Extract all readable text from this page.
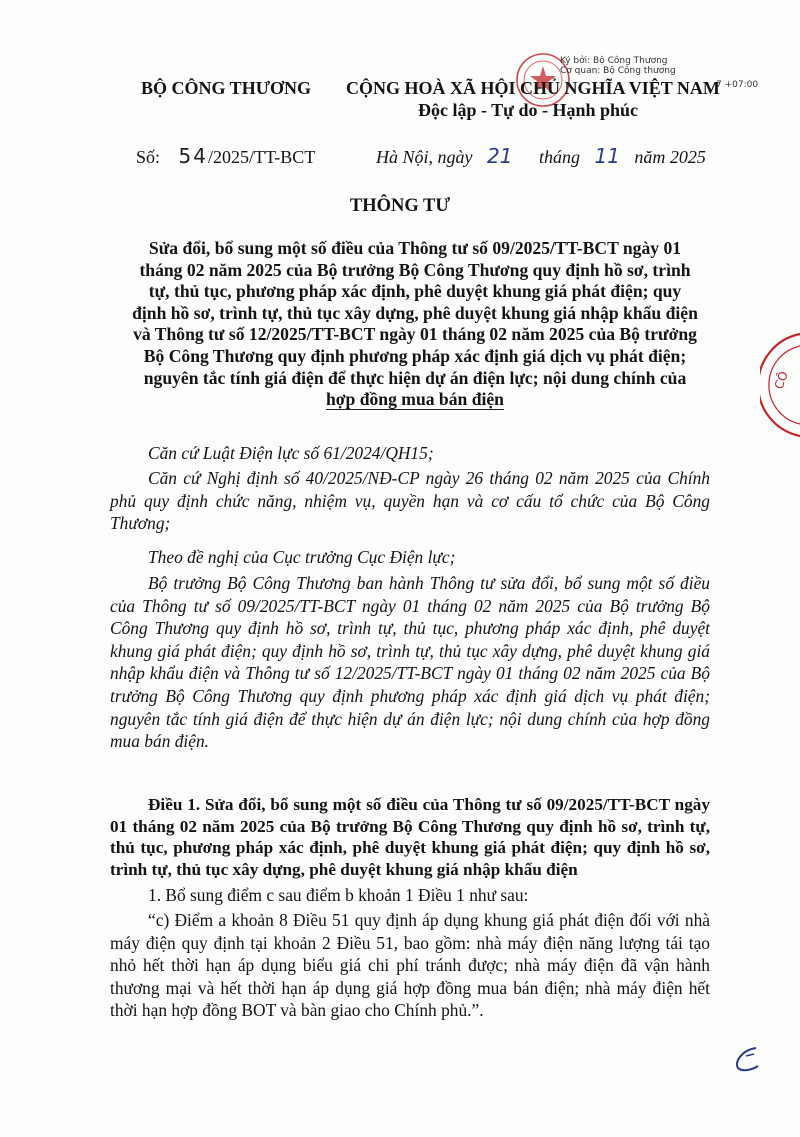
CÔ
Ký bởi: Bộ Công Thương
Cơ quan: Bộ Công thương
7 +07:00
BỘ CÔNG THƯƠNG CỘNG HOÀ XÃ HỘI CHỦ NGHĨA VIỆT NAM
Độc lập - Tự do - Hạnh phúc
Số: 54/2025/TT-BCT	Hà Nội, ngày 21 tháng 11 năm 2025
THÔNG TƯ
Sửa đổi, bổ sung một số điều của Thông tư số 09/2025/TT-BCT ngày 01
tháng 02 năm 2025 của Bộ trưởng Bộ Công Thương quy định hồ sơ, trình
tự, thủ tục, phương pháp xác định, phê duyệt khung giá phát điện; quy
định hồ sơ, trình tự, thủ tục xây dựng, phê duyệt khung giá nhập khẩu điện
và Thông tư số 12/2025/TT-BCT ngày 01 tháng 02 năm 2025 của Bộ trưởng
Bộ Công Thương quy định phương pháp xác định giá dịch vụ phát điện;
nguyên tắc tính giá điện để thực hiện dự án điện lực; nội dung chính của
hợp đồng mua bán điện
Căn cứ Luật Điện lực số 61/2024/QH15;
Căn cứ Nghị định số 40/2025/NĐ-CP ngày 26 tháng 02 năm 2025 của Chính phủ quy định chức năng, nhiệm vụ, quyền hạn và cơ cấu tổ chức của Bộ Công Thương;
Theo đề nghị của Cục trưởng Cục Điện lực;
Bộ trưởng Bộ Công Thương ban hành Thông tư sửa đổi, bổ sung một số điều của Thông tư số 09/2025/TT-BCT ngày 01 tháng 02 năm 2025 của Bộ trưởng Bộ Công Thương quy định hồ sơ, trình tự, thủ tục, phương pháp xác định, phê duyệt khung giá phát điện; quy định hồ sơ, trình tự, thủ tục xây dựng, phê duyệt khung giá nhập khẩu điện và Thông tư số 12/2025/TT-BCT ngày 01 tháng 02 năm 2025 của Bộ trưởng Bộ Công Thương quy định phương pháp xác định giá dịch vụ phát điện; nguyên tắc tính giá điện để thực hiện dự án điện lực; nội dung chính của hợp đồng mua bán điện.
Điều 1. Sửa đổi, bổ sung một số điều của Thông tư số 09/2025/TT-BCT ngày 01 tháng 02 năm 2025 của Bộ trưởng Bộ Công Thương quy định hồ sơ, trình tự, thủ tục, phương pháp xác định, phê duyệt khung giá phát điện; quy định hồ sơ, trình tự, thủ tục xây dựng, phê duyệt khung giá nhập khẩu điện
1. Bổ sung điểm c sau điểm b khoản 1 Điều 1 như sau:
“c) Điểm a khoản 8 Điều 51 quy định áp dụng khung giá phát điện đối với nhà máy điện quy định tại khoản 2 Điều 51, bao gồm: nhà máy điện năng lượng tái tạo nhỏ hết thời hạn áp dụng biểu giá chi phí tránh được; nhà máy điện đã vận hành thương mại và hết thời hạn áp dụng giá hợp đồng mua bán điện; nhà máy điện hết thời hạn hợp đồng BOT và bàn giao cho Chính phủ.”.
